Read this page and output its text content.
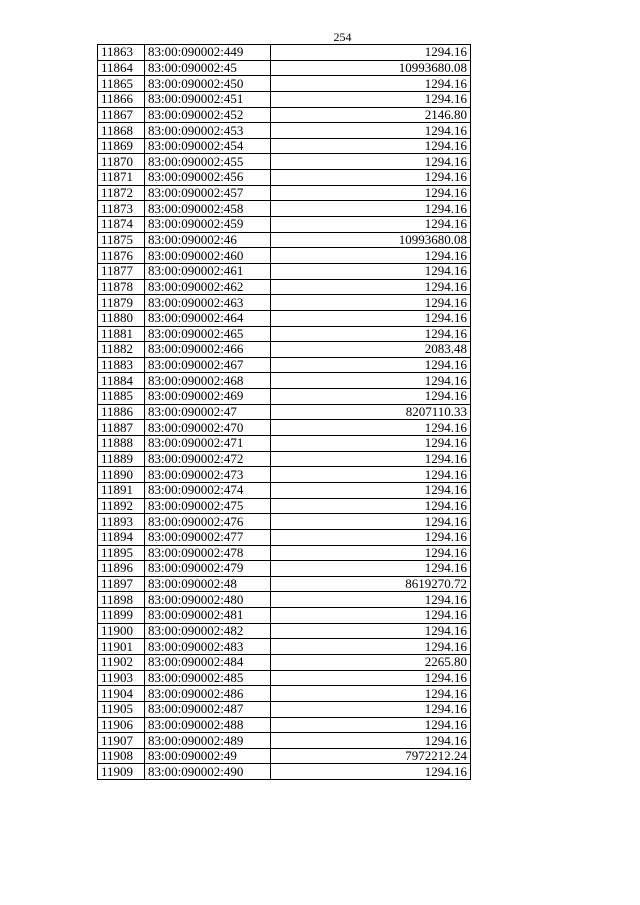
254
11863	83:00:090002:449	1294.16
11864	83:00:090002:45	10993680.08
11865	83:00:090002:450	1294.16
11866	83:00:090002:451	1294.16
11867	83:00:090002:452	2146.80
11868	83:00:090002:453	1294.16
11869	83:00:090002:454	1294.16
11870	83:00:090002:455	1294.16
11871	83:00:090002:456	1294.16
11872	83:00:090002:457	1294.16
11873	83:00:090002:458	1294.16
11874	83:00:090002:459	1294.16
11875	83:00:090002:46	10993680.08
11876	83:00:090002:460	1294.16
11877	83:00:090002:461	1294.16
11878	83:00:090002:462	1294.16
11879	83:00:090002:463	1294.16
11880	83:00:090002:464	1294.16
11881	83:00:090002:465	1294.16
11882	83:00:090002:466	2083.48
11883	83:00:090002:467	1294.16
11884	83:00:090002:468	1294.16
11885	83:00:090002:469	1294.16
11886	83:00:090002:47	8207110.33
11887	83:00:090002:470	1294.16
11888	83:00:090002:471	1294.16
11889	83:00:090002:472	1294.16
11890	83:00:090002:473	1294.16
11891	83:00:090002:474	1294.16
11892	83:00:090002:475	1294.16
11893	83:00:090002:476	1294.16
11894	83:00:090002:477	1294.16
11895	83:00:090002:478	1294.16
11896	83:00:090002:479	1294.16
11897	83:00:090002:48	8619270.72
11898	83:00:090002:480	1294.16
11899	83:00:090002:481	1294.16
11900	83:00:090002:482	1294.16
11901	83:00:090002:483	1294.16
11902	83:00:090002:484	2265.80
11903	83:00:090002:485	1294.16
11904	83:00:090002:486	1294.16
11905	83:00:090002:487	1294.16
11906	83:00:090002:488	1294.16
11907	83:00:090002:489	1294.16
11908	83:00:090002:49	7972212.24
11909	83:00:090002:490	1294.16
